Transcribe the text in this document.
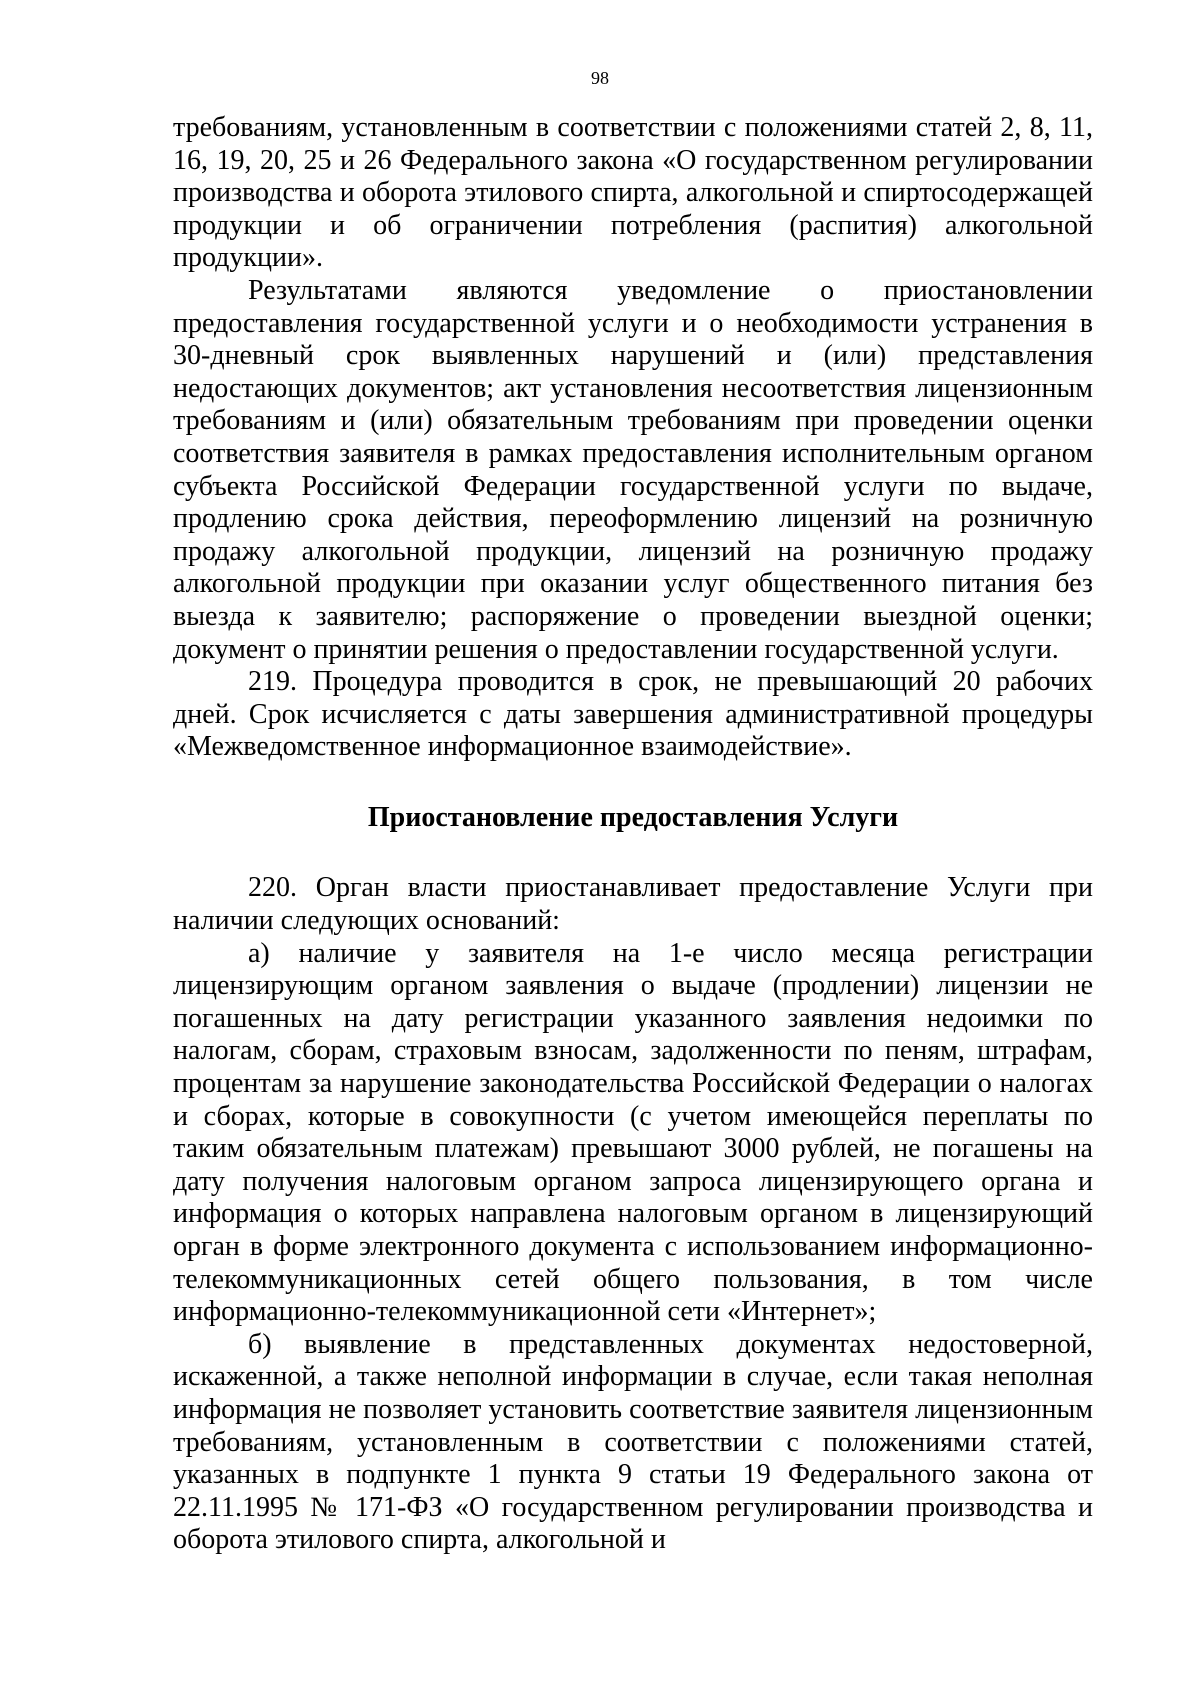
98

требованиям, установленным в соответствии с положениями статей 2, 8, 11, 16, 19, 20, 25 и 26 Федерального закона «О государственном регулировании производства и оборота этилового спирта, алкогольной и спиртосодержащей продукции и об ограничении потребления (распития) алкогольной продукции».

Результатами являются уведомление о приостановлении предоставления государственной услуги и о необходимости устранения в 30-дневный срок выявленных нарушений и (или) представления недостающих документов; акт установления несоответствия лицензионным требованиям и (или) обязательным требованиям при проведении оценки соответствия заявителя в рамках предоставления исполнительным органом субъекта Российской Федерации государственной услуги по выдаче, продлению срока действия, переоформлению лицензий на розничную продажу алкогольной продукции, лицензий на розничную продажу алкогольной продукции при оказании услуг общественного питания без выезда к заявителю; распоряжение о проведении выездной оценки; документ о принятии решения о предоставлении государственной услуги.

219. Процедура проводится в срок, не превышающий 20 рабочих дней. Срок исчисляется с даты завершения административной процедуры «Межведомственное информационное взаимодействие».

Приостановление предоставления Услуги

220. Орган власти приостанавливает предоставление Услуги при наличии следующих оснований:

а) наличие у заявителя на 1-е число месяца регистрации лицензирующим органом заявления о выдаче (продлении) лицензии не погашенных на дату регистрации указанного заявления недоимки по налогам, сборам, страховым взносам, задолженности по пеням, штрафам, процентам за нарушение законодательства Российской Федерации о налогах и сборах, которые в совокупности (с учетом имеющейся переплаты по таким обязательным платежам) превышают 3000 рублей, не погашены на дату получения налоговым органом запроса лицензирующего органа и информация о которых направлена налоговым органом в лицензирующий орган в форме электронного документа с использованием информационно-телекоммуникационных сетей общего пользования, в том числе информационно-телекоммуникационной сети «Интернет»;

б) выявление в представленных документах недостоверной, искаженной, а также неполной информации в случае, если такая неполная информация не позволяет установить соответствие заявителя лицензионным требованиям, установленным в соответствии с положениями статей, указанных в подпункте 1 пункта 9 статьи 19 Федерального закона от 22.11.1995 № 171-ФЗ «О государственном регулировании производства и оборота этилового спирта, алкогольной и
